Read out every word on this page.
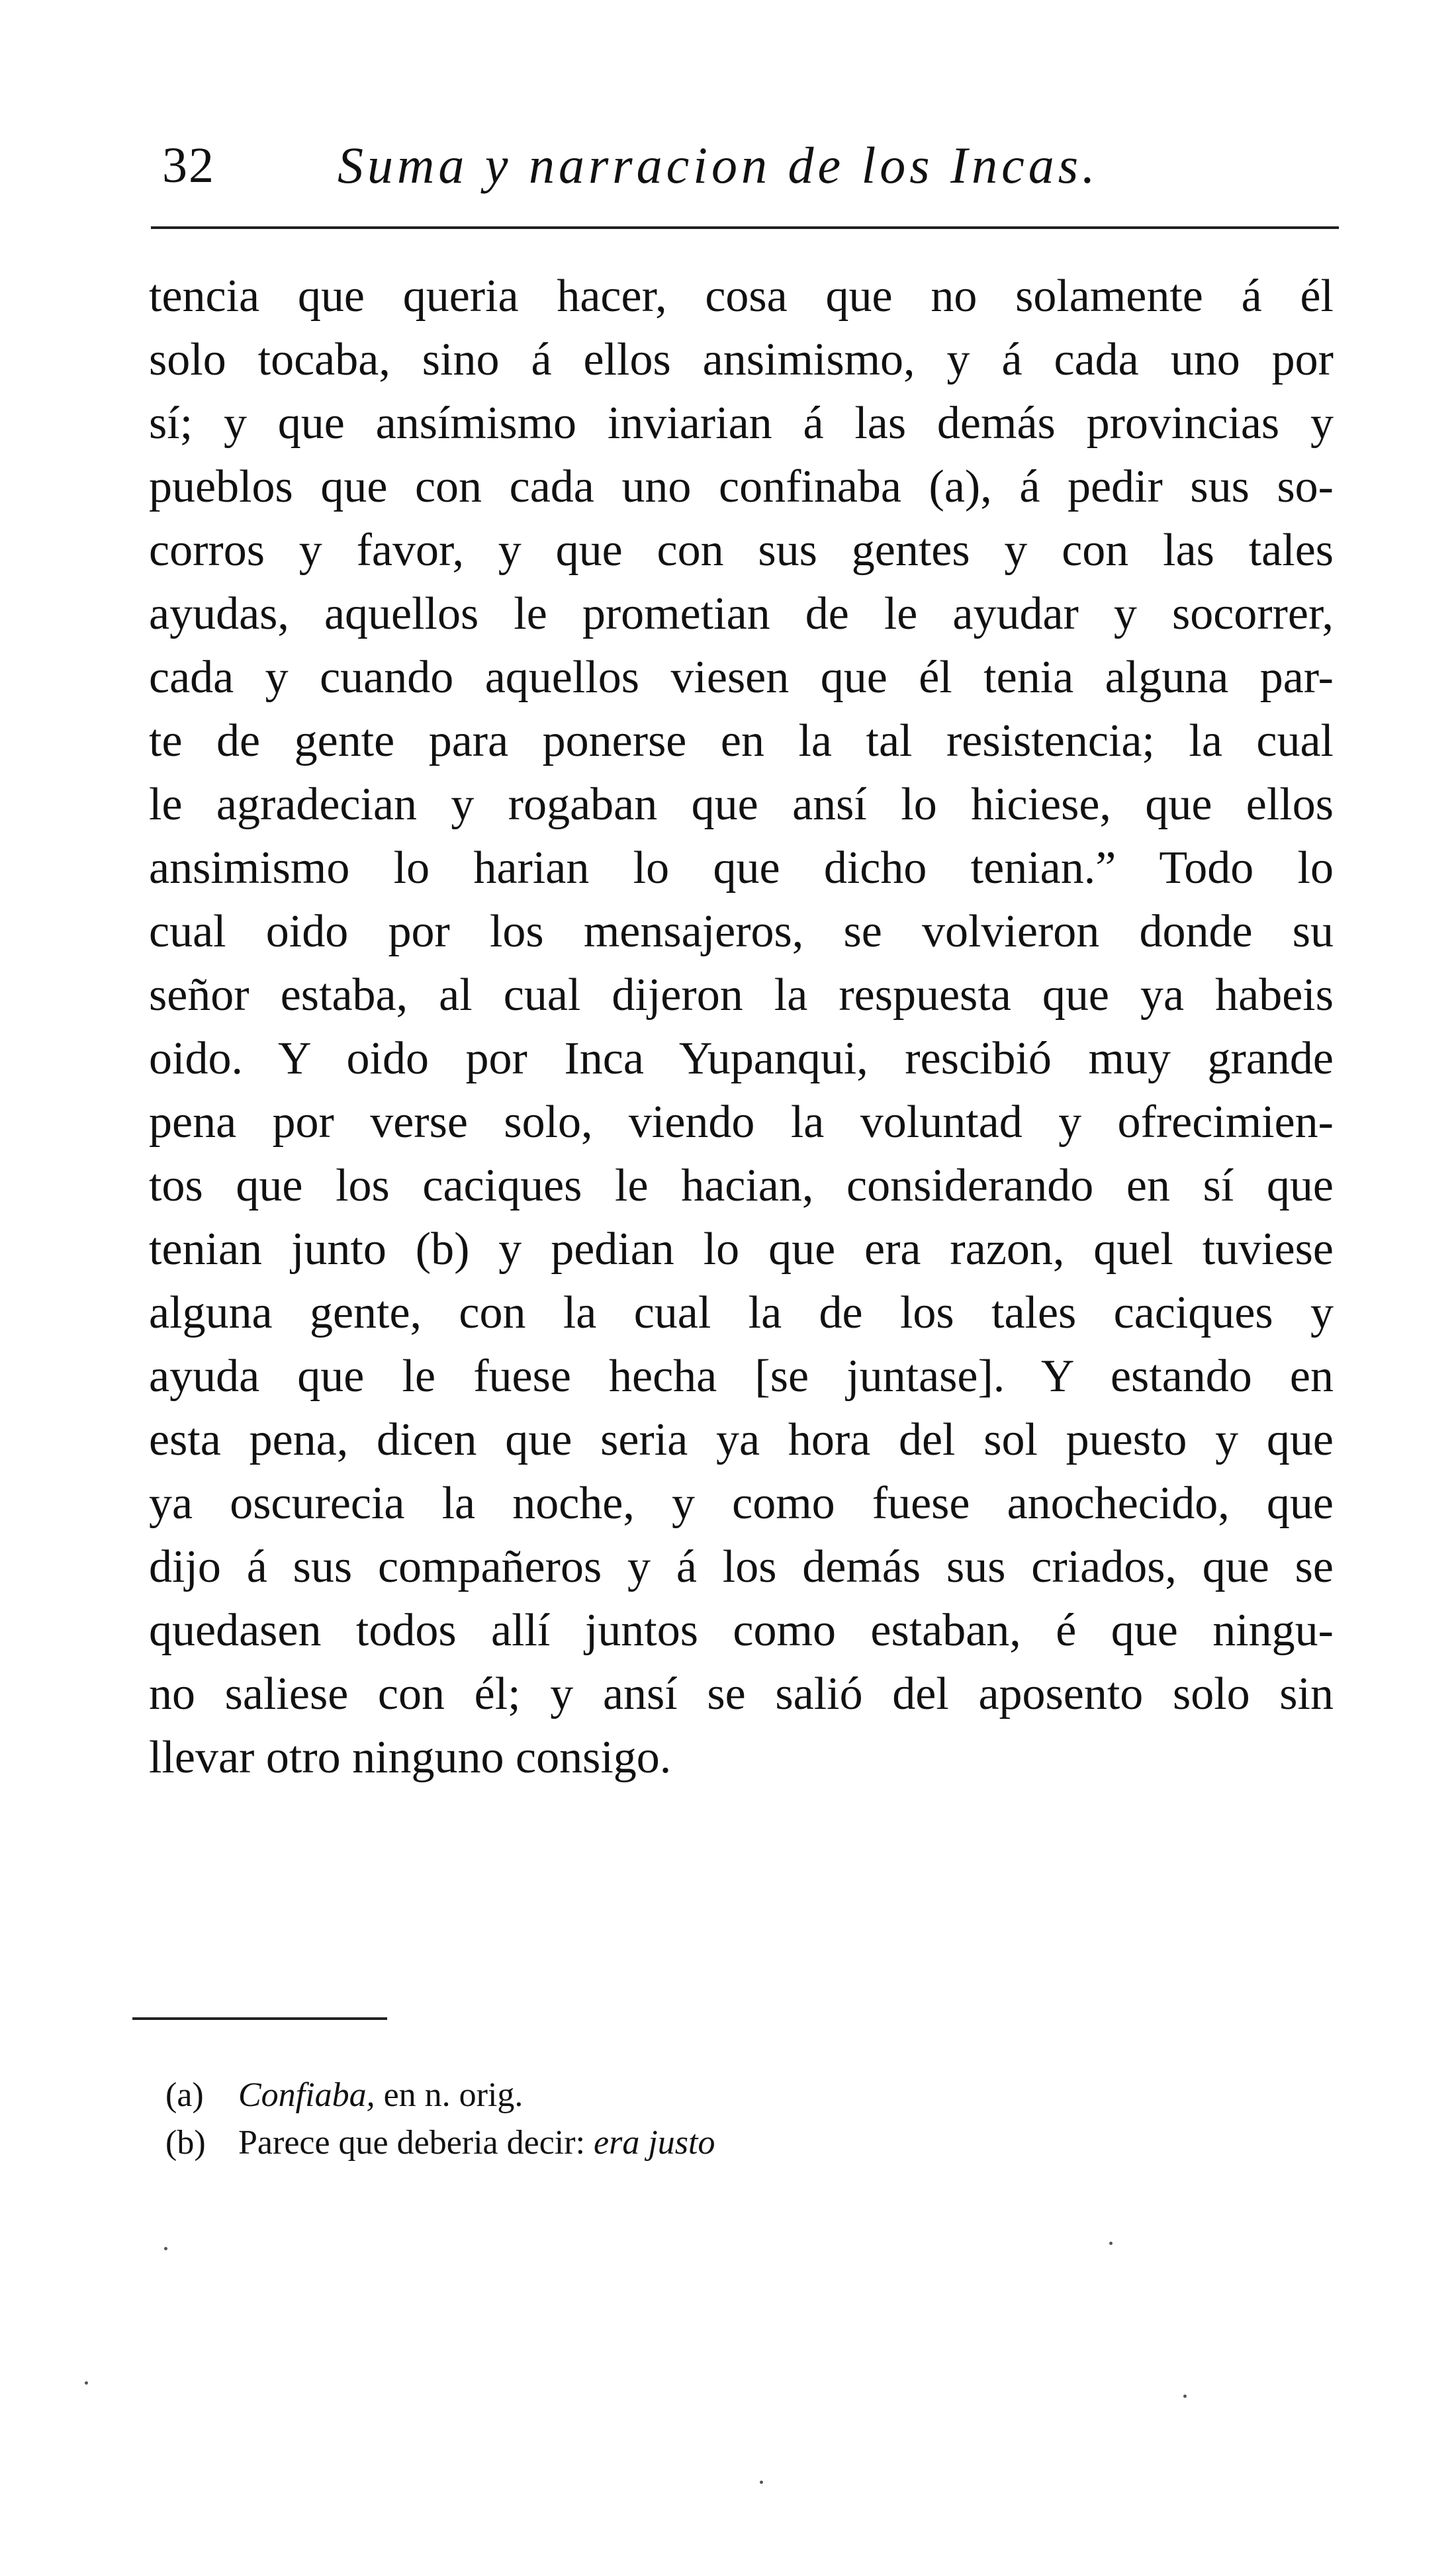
32 Suma y narracion de los Incas.
tencia que queria hacer, cosa que no solamente á él
solo tocaba, sino á ellos ansimismo, y á cada uno por
sí; y que ansímismo inviarian á las demás provincias y
pueblos que con cada uno confinaba (a), á pedir sus so-
corros y favor, y que con sus gentes y con las tales
ayudas, aquellos le prometian de le ayudar y socorrer,
cada y cuando aquellos viesen que él tenia alguna par-
te de gente para ponerse en la tal resistencia; la cual
le agradecian y rogaban que ansí lo hiciese, que ellos
ansimismo lo harian lo que dicho tenian.” Todo lo
cual oido por los mensajeros, se volvieron donde su
señor estaba, al cual dijeron la respuesta que ya habeis
oido. Y oido por Inca Yupanqui, rescibió muy grande
pena por verse solo, viendo la voluntad y ofrecimien-
tos que los caciques le hacian, considerando en sí que
tenian junto (b) y pedian lo que era razon, quel tuviese
alguna gente, con la cual la de los tales caciques y
ayuda que le fuese hecha [se juntase]. Y estando en
esta pena, dicen que seria ya hora del sol puesto y que
ya oscurecia la noche, y como fuese anochecido, que
dijo á sus compañeros y á los demás sus criados, que se
quedasen todos allí juntos como estaban, é que ningu-
no saliese con él; y ansí se salió del aposento solo sin
llevar otro ninguno consigo.
(a) Confiaba, en n. orig.
(b) Parece que deberia decir: era justo
